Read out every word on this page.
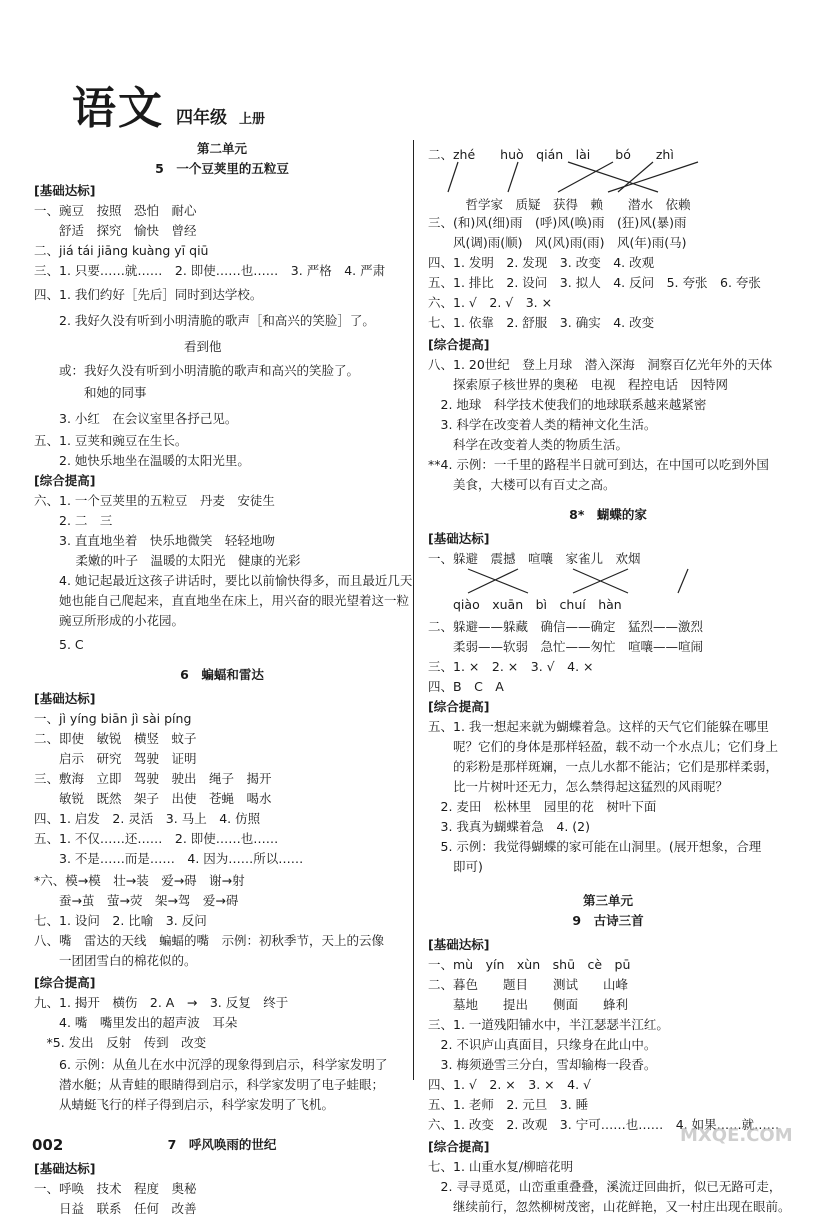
语文 四年级 上册
第二单元
5　一个豆荚里的五粒豆
[基础达标]
一、豌豆　按照　恐怕　耐心
　　舒适　探究　愉快　曾经
二、jiá tái jiāng kuàng yī qiū
三、1. 只要……就……　2. 即使……也……　3. 严格　4. 严肃
四、1. 我们约好［先后］同时到达学校。
　　2. 我好久没有听到小明清脆的歌声［和高兴的笑脸］了。
　　　　　　　　　　　　看到他
　　或：我好久没有听到小明清脆的歌声和高兴的笑脸了。
　　　　和她的同事
　　3. 小红　在会议室里各抒己见。
五、1. 豆荚和豌豆在生长。
　　2. 她快乐地坐在温暖的太阳光里。
[综合提高]
六、1. 一个豆荚里的五粒豆　丹麦　安徒生
　　2. 二　三
　　3. 直直地坐着　快乐地微笑　轻轻地吻
　　　 柔嫩的叶子　温暖的太阳光　健康的光彩
　　4. 她记起最近这孩子讲话时，要比以前愉快得多，而且最近几天
　　她也能自己爬起来，直直地坐在床上，用兴奋的眼光望着这一粒
　　豌豆所形成的小花园。
　　5. C
6　蝙蝠和雷达
[基础达标]
一、jì yíng biān jì sài píng
二、即使　敏锐　横竖　蚊子
　　启示　研究　驾驶　证明
三、敷海　立即　驾驶　驶出　绳子　揭开
　　敏锐　既然　架子　出使　苍蝇　喝水
四、1. 启发　2. 灵活　3. 马上　4. 仿照
五、1. 不仅……还……　2. 即使……也……
　　3. 不是……而是……　4. 因为……所以……
*六、模→模　壮→装　爱→碍　谢→射
　　蚕→茧　萤→荧　架→驾　爱→碍
七、1. 设问　2. 比喻　3. 反问
八、嘴　雷达的天线　蝙蝠的嘴　示例：初秋季节，天上的云像
　　一团团雪白的棉花似的。
[综合提高]
九、1. 揭开　横伤　2. A　→　3. 反复　终于
　　4. 嘴　嘴里发出的超声波　耳朵
　*5. 发出　反射　传到　改变
　　6. 示例：从鱼儿在水中沉浮的现象得到启示，科学家发明了
　　潜水艇；从青蛙的眼睛得到启示，科学家发明了电子蛙眼；
　　从蜻蜓飞行的样子得到启示，科学家发明了飞机。
7　呼风唤雨的世纪
[基础达标]
一、呼唤　技术　程度　奥秘
　　日益　联系　任何　改善
二、zhé　　huò　qián　lài　　bó　　zhì
　　　哲学家　质疑　获得　赖　　潜水　依赖
三、(和)风(细)雨　(呼)风(唤)雨　(狂)风(暴)雨
　　风(调)雨(顺)　风(风)雨(雨)　风(年)雨(马)
四、1. 发明　2. 发现　3. 改变　4. 改观
五、1. 排比　2. 设问　3. 拟人　4. 反问　5. 夸张　6. 夸张
六、1. √　2. √　3. ×
七、1. 依靠　2. 舒服　3. 确实　4. 改变
[综合提高]
八、1. 20世纪　登上月球　潜入深海　洞察百亿光年外的天体
　　探索原子核世界的奥秘　电视　程控电话　因特网
　2. 地球　科学技术使我们的地球联系越来越紧密
　3. 科学在改变着人类的精神文化生活。
　　科学在改变着人类的物质生活。
**4. 示例：一千里的路程半日就可到达，在中国可以吃到外国
　　美食，大楼可以有百丈之高。
8*　蝴蝶的家
[基础达标]
一、躲避　震撼　喧嚷　家雀儿　欢烟
　　qiào　xuān　bì　chuí　hàn
二、躲避——躲藏　确信——确定　猛烈——激烈
　　柔弱——软弱　急忙——匆忙　喧嚷——喧闹
三、1. ×　2. ×　3. √　4. ×
四、B　C　A
[综合提高]
五、1. 我一想起来就为蝴蝶着急。这样的天气它们能躲在哪里
　　呢？它们的身体是那样轻盈，载不动一个水点儿；它们身上
　　的彩粉是那样斑斓，一点儿水都不能沾；它们是那样柔弱，
　　比一片树叶还无力，怎么禁得起这猛烈的风雨呢？
　2. 麦田　松林里　园里的花　树叶下面
　3. 我真为蝴蝶着急　4. (2)
　5. 示例：我觉得蝴蝶的家可能在山洞里。(展开想象，合理
　　即可)
第三单元
9　古诗三首
[基础达标]
一、mù　yín　xùn　shū　cè　pū
二、暮色　　题目　　测试　　山峰
　　墓地　　提出　　侧面　　蜂利
三、1. 一道残阳铺水中，半江瑟瑟半江红。
　2. 不识庐山真面目，只缘身在此山中。
　3. 梅须逊雪三分白，雪却输梅一段香。
四、1. √　2. ×　3. ×　4. √
五、1. 老师　2. 元旦　3. 睡
六、1. 改变　2. 改观　3. 宁可……也……　4. 如果……就……
[综合提高]
七、1. 山重水复/柳暗花明
　2. 寻寻觅觅，山峦重重叠叠，溪流迂回曲折，似已无路可走，
　　继续前行，忽然柳树茂密，山花鲜艳，又一村庄出现在眼前。
002	MXQE.COM
